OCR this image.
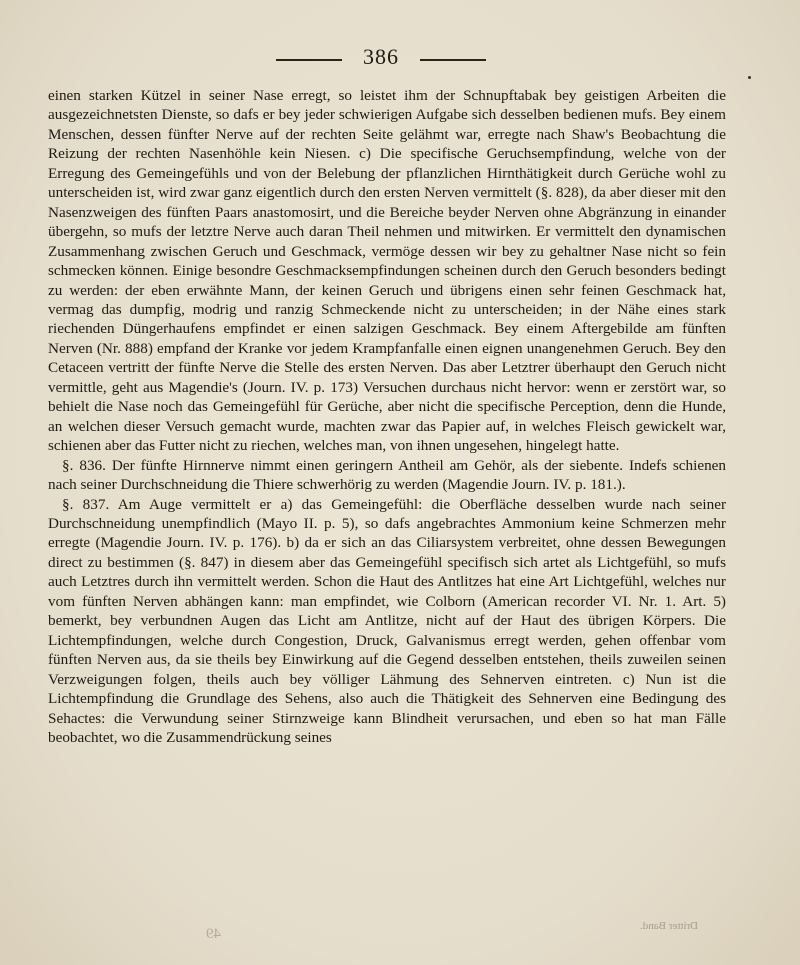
386

einen starken Kützel in seiner Nase erregt, so leistet ihm der Schnupftabak bey geistigen Arbeiten die ausgezeichnetsten Dienste, so dafs er bey jeder schwierigen Aufgabe sich desselben bedienen mufs. Bey einem Menschen, dessen fünfter Nerve auf der rechten Seite gelähmt war, erregte nach Shaw's Beobachtung die Reizung der rechten Nasenhöhle kein Niesen. c) Die specifische Geruchsempfindung, welche von der Erregung des Gemeingefühls und von der Belebung der pflanzlichen Hirnthätigkeit durch Gerüche wohl zu unterscheiden ist, wird zwar ganz eigentlich durch den ersten Nerven vermittelt (§. 828), da aber dieser mit den Nasenzweigen des fünften Paars anastomosirt, und die Bereiche beyder Nerven ohne Abgränzung in einander übergehn, so mufs der letztre Nerve auch daran Theil nehmen und mitwirken. Er vermittelt den dynamischen Zusammenhang zwischen Geruch und Geschmack, vermöge dessen wir bey zu gehaltner Nase nicht so fein schmecken können. Einige besondre Geschmacksempfindungen scheinen durch den Geruch besonders bedingt zu werden: der eben erwähnte Mann, der keinen Geruch und übrigens einen sehr feinen Geschmack hat, vermag das dumpfig, modrig und ranzig Schmeckende nicht zu unterscheiden; in der Nähe eines stark riechenden Düngerhaufens empfindet er einen salzigen Geschmack. Bey einem Aftergebilde am fünften Nerven (Nr. 888) empfand der Kranke vor jedem Krampfanfalle einen eignen unangenehmen Geruch. Bey den Cetaceen vertritt der fünfte Nerve die Stelle des ersten Nerven. Das aber Letztrer überhaupt den Geruch nicht vermittle, geht aus Magendie's (Journ. IV. p. 173) Versuchen durchaus nicht hervor: wenn er zerstört war, so behielt die Nase noch das Gemeingefühl für Gerüche, aber nicht die specifische Perception, denn die Hunde, an welchen dieser Versuch gemacht wurde, machten zwar das Papier auf, in welches Fleisch gewickelt war, schienen aber das Futter nicht zu riechen, welches man, von ihnen ungesehen, hingelegt hatte.

§. 836. Der fünfte Hirnnerve nimmt einen geringern Antheil am Gehör, als der siebente. Indefs schienen nach seiner Durchschneidung die Thiere schwerhörig zu werden (Magendie Journ. IV. p. 181.).

§. 837. Am Auge vermittelt er a) das Gemeingefühl: die Oberfläche desselben wurde nach seiner Durchschneidung unempfindlich (Mayo II. p. 5), so dafs angebrachtes Ammonium keine Schmerzen mehr erregte (Magendie Journ. IV. p. 176). b) da er sich an das Ciliarsystem verbreitet, ohne dessen Bewegungen direct zu bestimmen (§. 847) in diesem aber das Gemeingefühl specifisch sich artet als Lichtgefühl, so mufs auch Letztres durch ihn vermittelt werden. Schon die Haut des Antlitzes hat eine Art Lichtgefühl, welches nur vom fünften Nerven abhängen kann: man empfindet, wie Colborn (American recorder VI. Nr. 1. Art. 5) bemerkt, bey verbundnen Augen das Licht am Antlitze, nicht auf der Haut des übrigen Körpers. Die Lichtempfindungen, welche durch Congestion, Druck, Galvanismus erregt werden, gehen offenbar vom fünften Nerven aus, da sie theils bey Einwirkung auf die Gegend desselben entstehen, theils zuweilen seinen Verzweigungen folgen, theils auch bey völliger Lähmung des Sehnerven eintreten. c) Nun ist die Lichtempfindung die Grundlage des Sehens, also auch die Thätigkeit des Sehnerven eine Bedingung des Sehactes: die Verwundung seiner Stirnzweige kann Blindheit verursachen, und eben so hat man Fälle beobachtet, wo die Zusammendrückung seines

49	Dritter Band.
